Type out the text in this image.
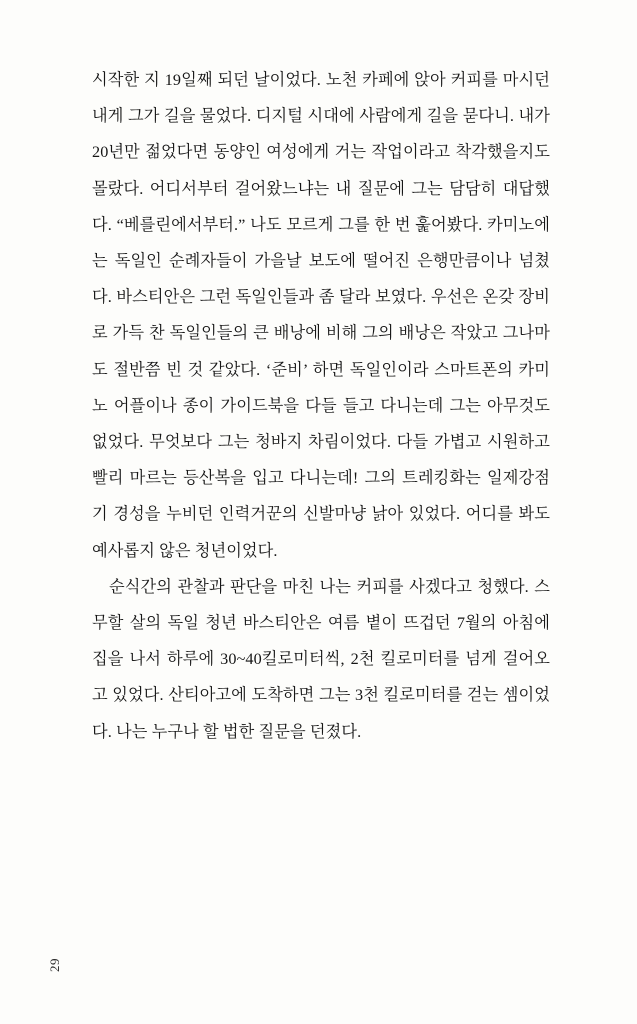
시작한 지 19일째 되던 날이었다. 노천 카페에 앉아 커피를 마시던 내게 그가 길을 물었다. 디지털 시대에 사람에게 길을 묻다니. 내가 20년만 젊었다면 동양인 여성에게 거는 작업이라고 착각했을지도 몰랐다. 어디서부터 걸어왔느냐는 내 질문에 그는 담담히 대답했다. “베를린에서부터.” 나도 모르게 그를 한 번 훑어봤다. 카미노에는 독일인 순례자들이 가을날 보도에 떨어진 은행만큼이나 넘쳤다. 바스티안은 그런 독일인들과 좀 달라 보였다. 우선은 온갖 장비로 가득 찬 독일인들의 큰 배낭에 비해 그의 배낭은 작았고 그나마도 절반쯤 빈 것 같았다. ‘준비’ 하면 독일인이라 스마트폰의 카미노 어플이나 종이 가이드북을 다들 들고 다니는데 그는 아무것도 없었다. 무엇보다 그는 청바지 차림이었다. 다들 가볍고 시원하고 빨리 마르는 등산복을 입고 다니는데! 그의 트레킹화는 일제강점기 경성을 누비던 인력거꾼의 신발마냥 낡아 있었다. 어디를 봐도 예사롭지 않은 청년이었다.

순식간의 관찰과 판단을 마친 나는 커피를 사겠다고 청했다. 스무할 살의 독일 청년 바스티안은 여름 볕이 뜨겁던 7월의 아침에 집을 나서 하루에 30~40킬로미터씩, 2천 킬로미터를 넘게 걸어오고 있었다. 산티아고에 도착하면 그는 3천 킬로미터를 걷는 셈이었다. 나는 누구나 할 법한 질문을 던졌다.

29
